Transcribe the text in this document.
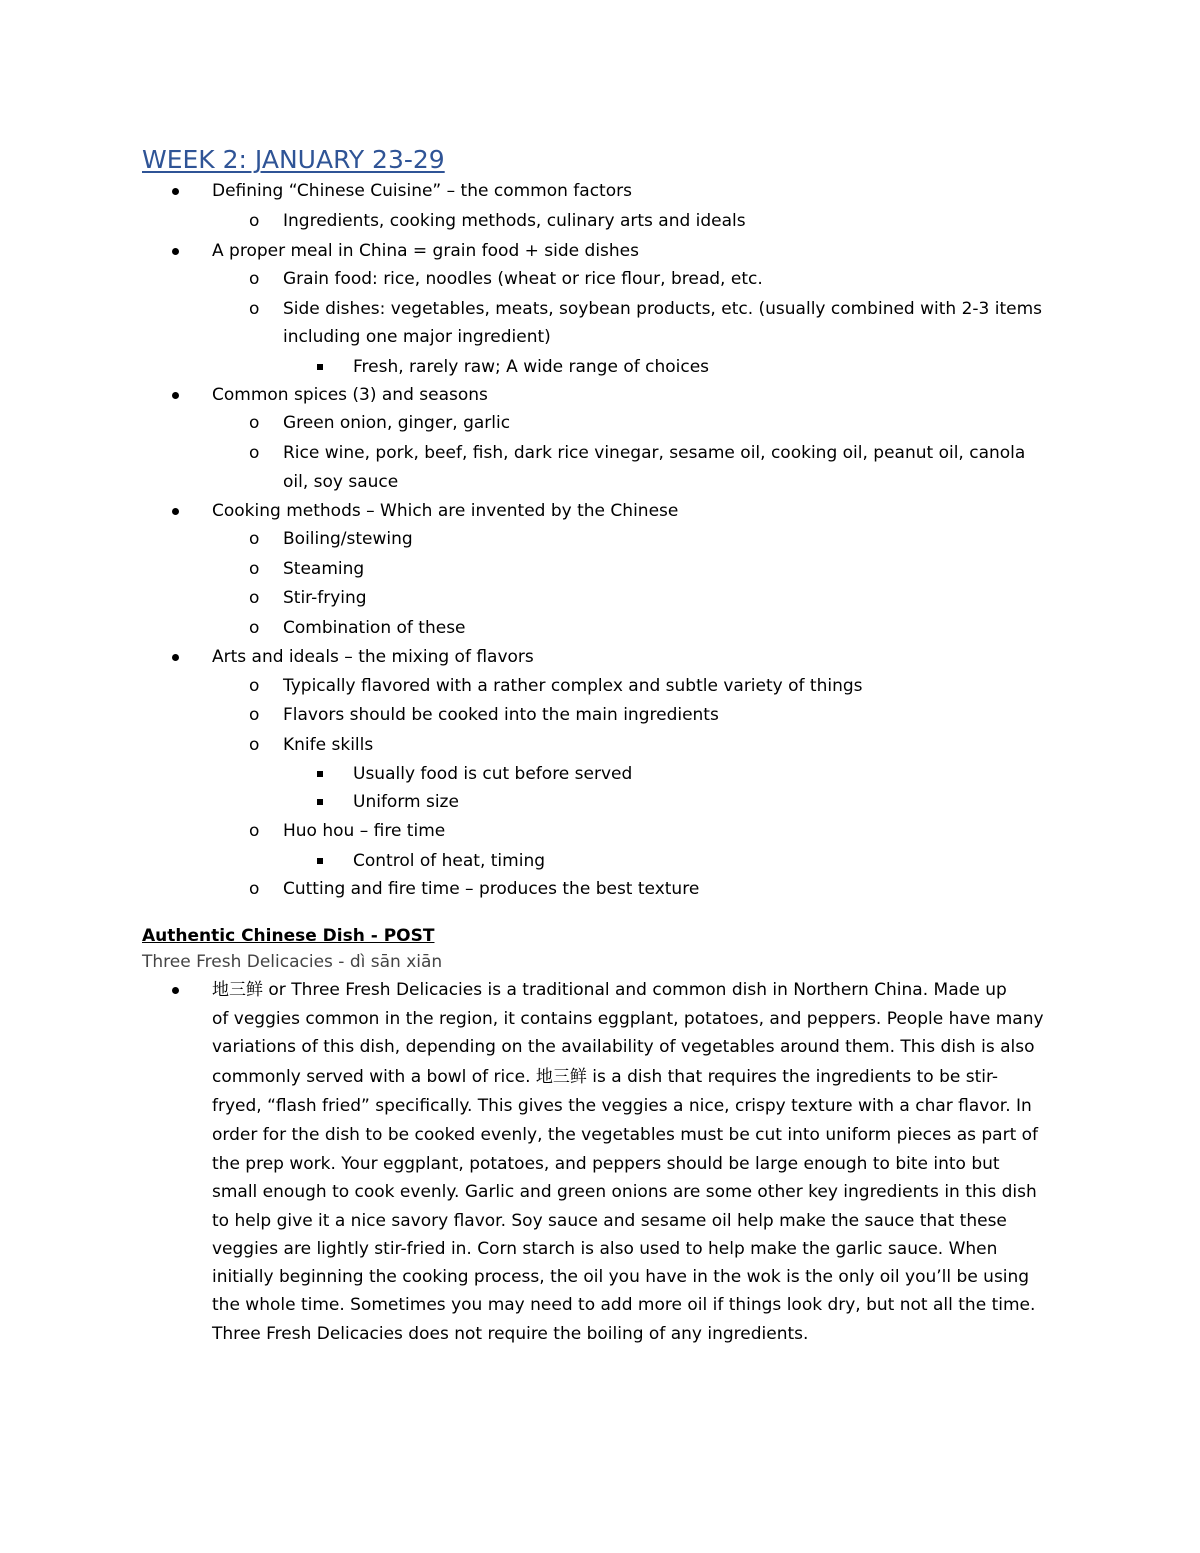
WEEK 2: JANUARY 23-29
Defining “Chinese Cuisine” – the common factors
o Ingredients, cooking methods, culinary arts and ideals
A proper meal in China = grain food + side dishes
o Grain food: rice, noodles (wheat or rice flour, bread, etc.
o Side dishes: vegetables, meats, soybean products, etc. (usually combined with 2-3 items
including one major ingredient)
Fresh, rarely raw; A wide range of choices
Common spices (3) and seasons
o Green onion, ginger, garlic
o Rice wine, pork, beef, fish, dark rice vinegar, sesame oil, cooking oil, peanut oil, canola
oil, soy sauce
Cooking methods – Which are invented by the Chinese
o Boiling/stewing
o Steaming
o Stir-frying
o Combination of these
Arts and ideals – the mixing of flavors
o Typically flavored with a rather complex and subtle variety of things
o Flavors should be cooked into the main ingredients
o Knife skills
Usually food is cut before served
Uniform size
o Huo hou – fire time
Control of heat, timing
o Cutting and fire time – produces the best texture
Authentic Chinese Dish - POST
Three Fresh Delicacies - dì sān xiān
地三鲜 or Three Fresh Delicacies is a traditional and common dish in Northern China. Made up
of veggies common in the region, it contains eggplant, potatoes, and peppers. People have many
variations of this dish, depending on the availability of vegetables around them. This dish is also
commonly served with a bowl of rice. 地三鲜 is a dish that requires the ingredients to be stir-
fryed, “flash fried” specifically. This gives the veggies a nice, crispy texture with a char flavor. In
order for the dish to be cooked evenly, the vegetables must be cut into uniform pieces as part of
the prep work. Your eggplant, potatoes, and peppers should be large enough to bite into but
small enough to cook evenly. Garlic and green onions are some other key ingredients in this dish
to help give it a nice savory flavor. Soy sauce and sesame oil help make the sauce that these
veggies are lightly stir-fried in. Corn starch is also used to help make the garlic sauce. When
initially beginning the cooking process, the oil you have in the wok is the only oil you’ll be using
the whole time. Sometimes you may need to add more oil if things look dry, but not all the time.
Three Fresh Delicacies does not require the boiling of any ingredients.
